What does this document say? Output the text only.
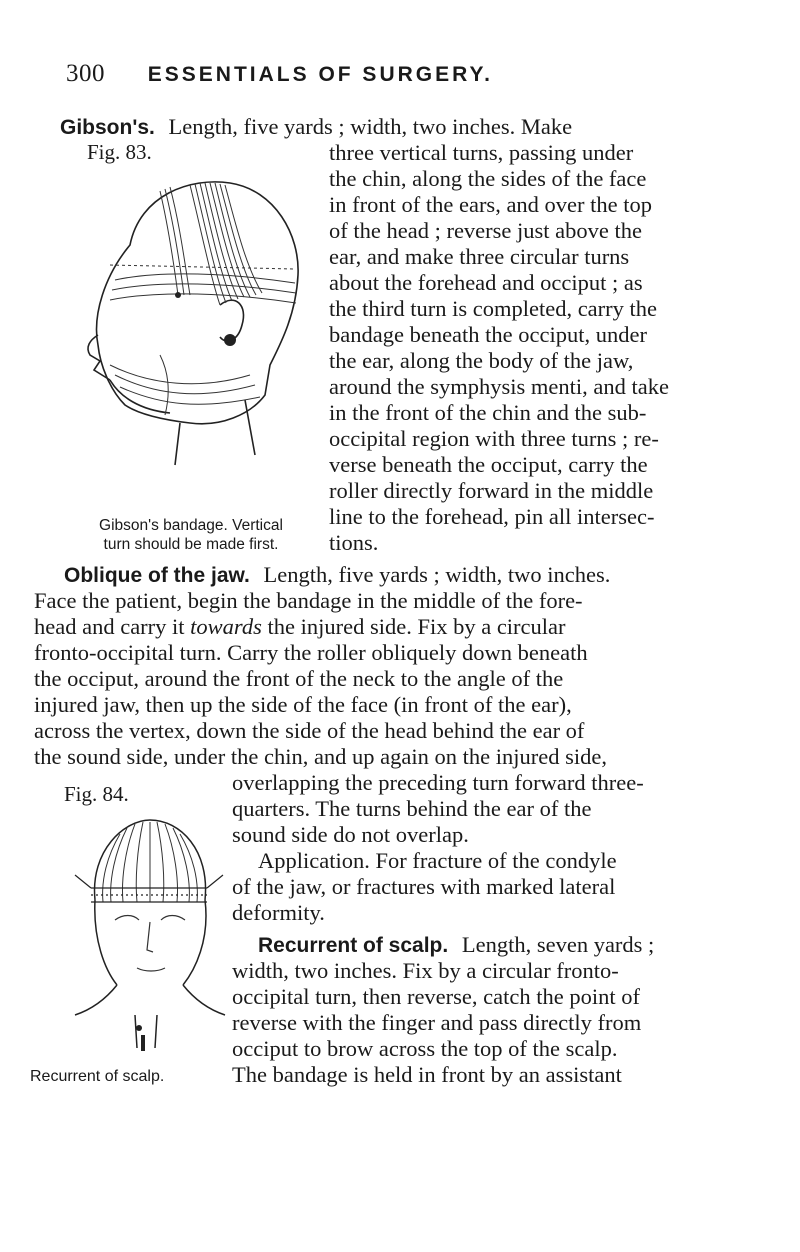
300 ESSENTIALS OF SURGERY.
Gibson's. Length, five yards ; width, two inches. Make
three vertical turns, passing under
the chin, along the sides of the face
in front of the ears, and over the top
of the head ; reverse just above the
ear, and make three circular turns
about the forehead and occiput ; as
the third turn is completed, carry the
bandage beneath the occiput, under
the ear, along the body of the jaw,
around the symphysis menti, and take
in the front of the chin and the sub-
occipital region with three turns ; re-
verse beneath the occiput, carry the
roller directly forward in the middle
line to the forehead, pin all intersec-
tions.
Fig. 83.
Gibson's bandage. Vertical
turn should be made first.
Oblique of the jaw. Length, five yards ; width, two inches.
Face the patient, begin the bandage in the middle of the fore-
head and carry it towards the injured side. Fix by a circular
fronto-occipital turn. Carry the roller obliquely down beneath
the occiput, around the front of the neck to the angle of the
injured jaw, then up the side of the face (in front of the ear),
across the vertex, down the side of the head behind the ear of
the sound side, under the chin, and up again on the injured side,
overlapping the preceding turn forward three-
quarters. The turns behind the ear of the
sound side do not overlap.
Application. For fracture of the condyle
of the jaw, or fractures with marked lateral
deformity.
Fig. 84.
Recurrent of scalp.
Recurrent of scalp. Length, seven yards ;
width, two inches. Fix by a circular fronto-
occipital turn, then reverse, catch the point of
reverse with the finger and pass directly from
occiput to brow across the top of the scalp.
The bandage is held in front by an assistant
